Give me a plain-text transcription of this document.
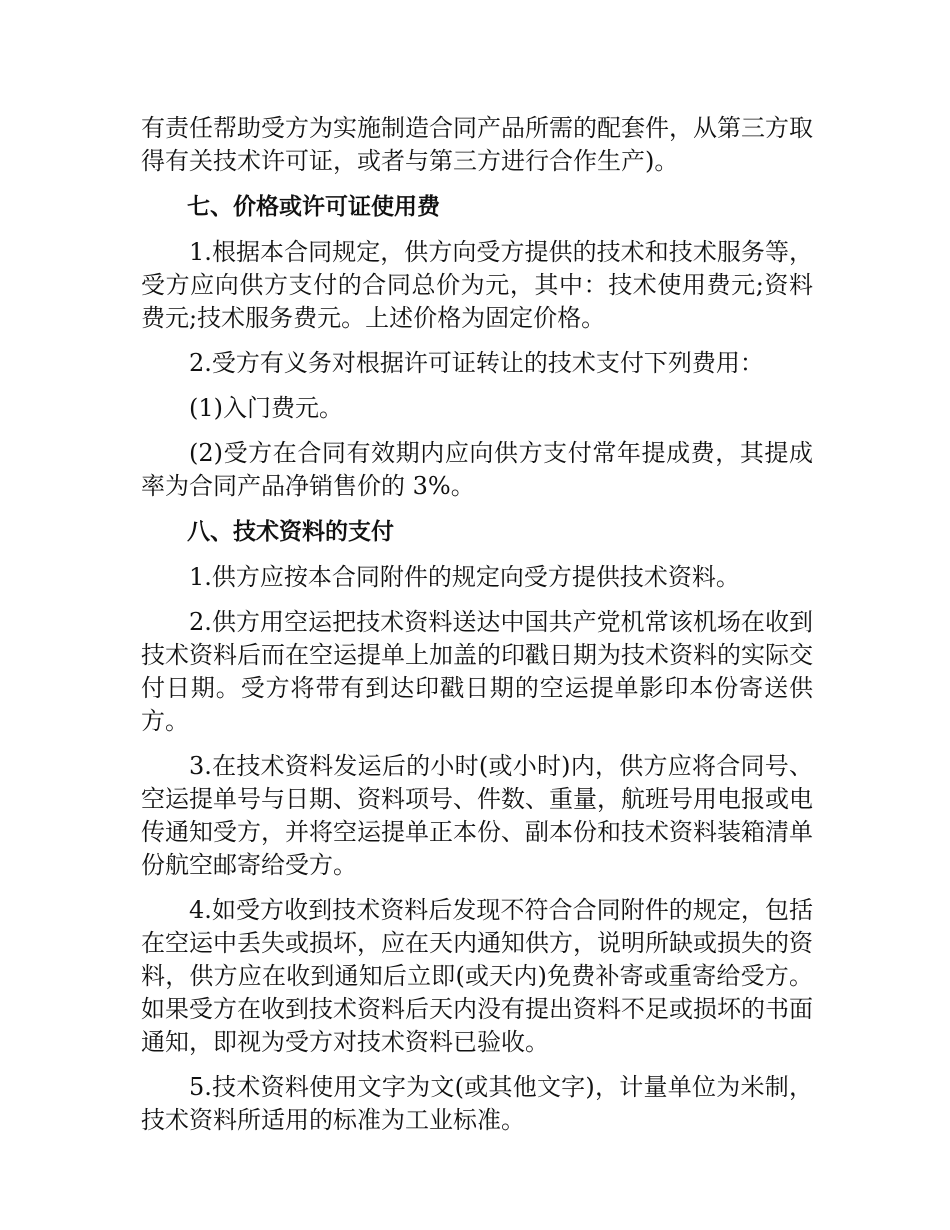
有责任帮助受方为实施制造合同产品所需的配套件，从第三方取得有关技术许可证，或者与第三方进行合作生产)。

七、价格或许可证使用费

1.根据本合同规定，供方向受方提供的技术和技术服务等，受方应向供方支付的合同总价为元，其中：技术使用费元;资料费元;技术服务费元。上述价格为固定价格。

2.受方有义务对根据许可证转让的技术支付下列费用：

(1)入门费元。

(2)受方在合同有效期内应向供方支付常年提成费，其提成率为合同产品净销售价的 3%。

八、技术资料的支付

1.供方应按本合同附件的规定向受方提供技术资料。

2.供方用空运把技术资料送达中国共产党机常该机场在收到技术资料后而在空运提单上加盖的印戳日期为技术资料的实际交付日期。受方将带有到达印戳日期的空运提单影印本份寄送供方。

3.在技术资料发运后的小时(或小时)内，供方应将合同号、空运提单号与日期、资料项号、件数、重量，航班号用电报或电传通知受方，并将空运提单正本份、副本份和技术资料装箱清单份航空邮寄给受方。

4.如受方收到技术资料后发现不符合合同附件的规定，包括在空运中丢失或损坏，应在天内通知供方，说明所缺或损失的资料，供方应在收到通知后立即(或天内)免费补寄或重寄给受方。如果受方在收到技术资料后天内没有提出资料不足或损坏的书面通知，即视为受方对技术资料已验收。

5.技术资料使用文字为文(或其他文字)，计量单位为米制，技术资料所适用的标准为工业标准。
